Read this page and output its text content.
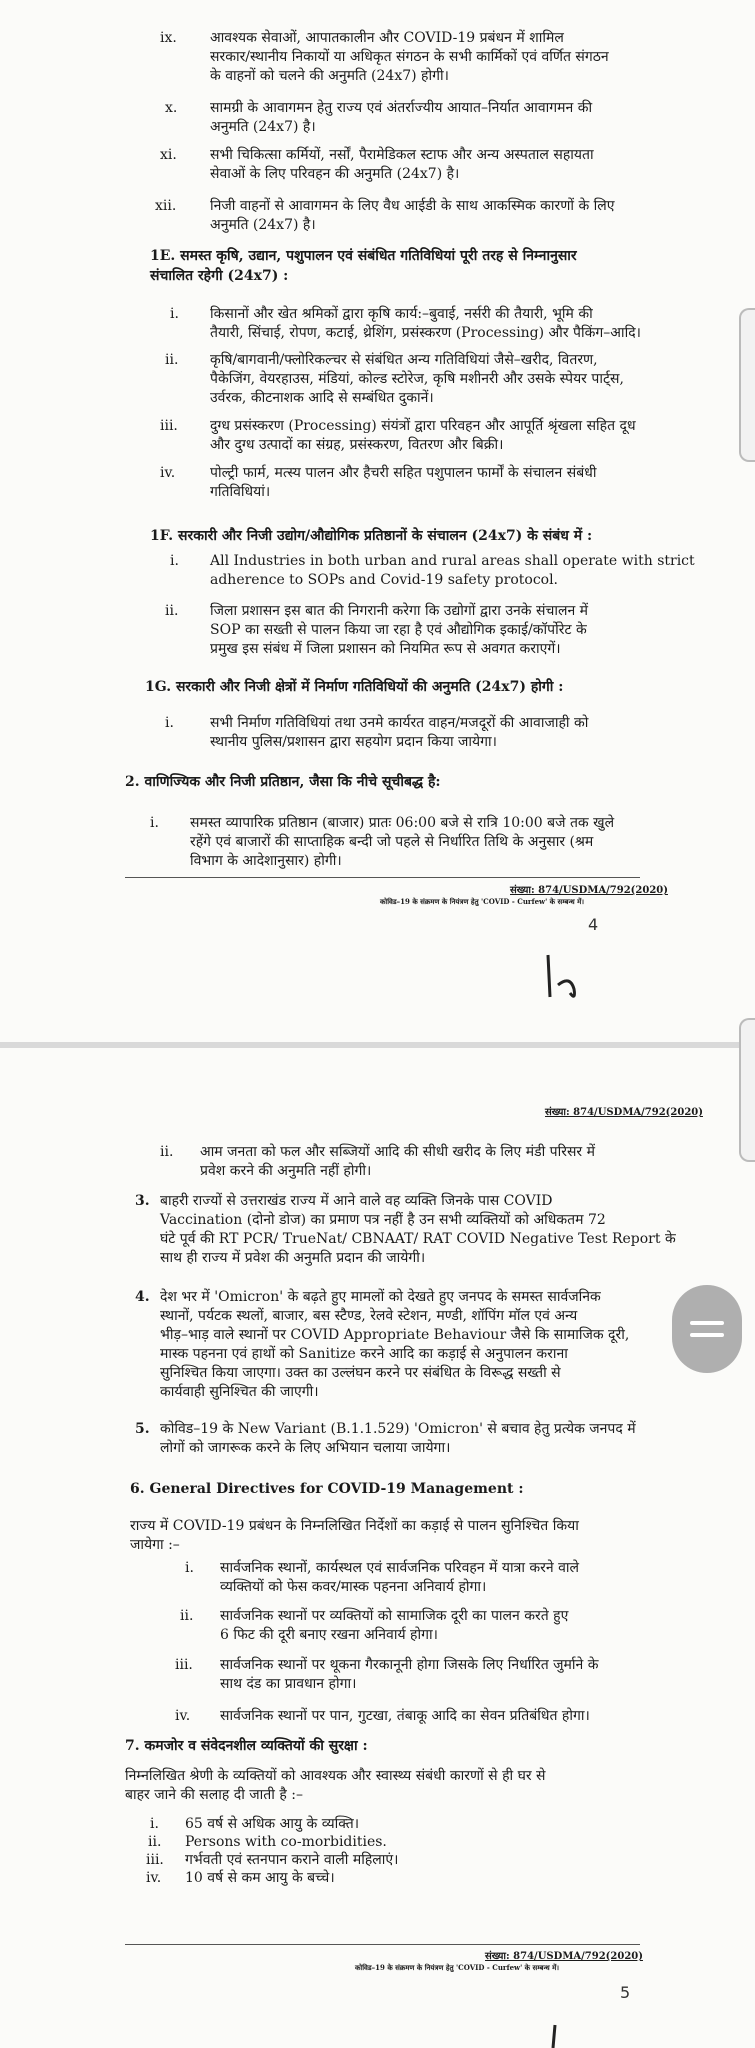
ix. आवश्यक सेवाओं, आपातकालीन और COVID-19 प्रबंधन में शामिल
सरकार/स्थानीय निकायों या अधिकृत संगठन के सभी कार्मिकों एवं वर्णित संगठन
के वाहनों को चलने की अनुमति (24x7) होगी।
x. सामग्री के आवागमन हेतु राज्य एवं अंतर्राज्यीय आयात–निर्यात आवागमन की
अनुमति (24x7) है।
xi. सभी चिकित्सा कर्मियों, नर्सों, पैरामेडिकल स्टाफ और अन्य अस्पताल सहायता
सेवाओं के लिए परिवहन की अनुमति (24x7) है।
xii. निजी वाहनों से आवागमन के लिए वैध आईडी के साथ आकस्मिक कारणों के लिए
अनुमति (24x7) है।
1E. समस्त कृषि, उद्यान, पशुपालन एवं संबंधित गतिविधियां पूरी तरह से निम्नानुसार
संचालित रहेगी (24x7) :
i. किसानों और खेत श्रमिकों द्वारा कृषि कार्य:–बुवाई, नर्सरी की तैयारी, भूमि की
तैयारी, सिंचाई, रोपण, कटाई, थ्रेशिंग, प्रसंस्करण (Processing) और पैकिंग–आदि।
ii. कृषि/बागवानी/फ्लोरिकल्चर से संबंधित अन्य गतिविधियां जैसे–खरीद, वितरण,
पैकेजिंग, वेयरहाउस, मंडियां, कोल्ड स्टोरेज, कृषि मशीनरी और उसके स्पेयर पार्ट्स,
उर्वरक, कीटनाशक आदि से सम्बंधित दुकानें।
iii. दुग्ध प्रसंस्करण (Processing) संयंत्रों द्वारा परिवहन और आपूर्ति श्रृंखला सहित दूध
और दुग्ध उत्पादों का संग्रह, प्रसंस्करण, वितरण और बिक्री।
iv. पोल्ट्री फार्म, मत्स्य पालन और हैचरी सहित पशुपालन फार्मों के संचालन संबंधी
गतिविधियां।
1F. सरकारी और निजी उद्योग/औद्योगिक प्रतिष्ठानों के संचालन (24x7) के संबंध में :
i. All Industries in both urban and rural areas shall operate with strict
adherence to SOPs and Covid-19 safety protocol.
ii. जिला प्रशासन इस बात की निगरानी करेगा कि उद्योगों द्वारा उनके संचालन में
SOP का सख्ती से पालन किया जा रहा है एवं औद्योगिक इकाई/कॉर्पोरेट के
प्रमुख इस संबंध में जिला प्रशासन को नियमित रूप से अवगत कराएगें।
1G. सरकारी और निजी क्षेत्रों में निर्माण गतिविधियों की अनुमति (24x7) होगी :
i.	सभी निर्माण गतिविधियां तथा उनमे कार्यरत वाहन/मजदूरों की आवाजाही को
स्थानीय पुलिस/प्रशासन द्वारा सहयोग प्रदान किया जायेगा।
2. वाणिज्यिक और निजी प्रतिष्ठान, जैसा कि नीचे सूचीबद्ध है:
i. समस्त व्यापारिक प्रतिष्ठान (बाजार) प्रातः 06:00 बजे से रात्रि 10:00 बजे तक खुले
रहेंगे एवं बाजारों की साप्ताहिक बन्दी जो पहले से निर्धारित तिथि के अनुसार (श्रम
विभाग के आदेशानुसार) होगी।
संख्या: 874/USDMA/792(2020)
कोविड–19 के संक्रमण के नियंत्रण हेतु 'COVID - Curfew' के सम्बन्ध में।
4
संख्या: 874/USDMA/792(2020)
ii. आम जनता को फल और सब्जियों आदि की सीधी खरीद के लिए मंडी परिसर में
प्रवेश करने की अनुमति नहीं होगी।
3. बाहरी राज्यों से उत्तराखंड राज्य में आने वाले वह व्यक्ति जिनके पास COVID
Vaccination (दोनो डोज) का प्रमाण पत्र नहीं है उन सभी व्यक्तियों को अधिकतम 72
घंटे पूर्व की RT PCR/ TrueNat/ CBNAAT/ RAT COVID Negative Test Report के
साथ ही राज्य में प्रवेश की अनुमति प्रदान की जायेगी।
4. देश भर में 'Omicron' के बढ़ते हुए मामलों को देखते हुए जनपद के समस्त सार्वजनिक
स्थानों, पर्यटक स्थलों, बाजार, बस स्टैण्ड, रेलवे स्टेशन, मण्डी, शॉपिंग मॉल एवं अन्य
भीड़–भाड़ वाले स्थानों पर COVID Appropriate Behaviour जैसे कि सामाजिक दूरी,
मास्क पहनना एवं हाथों को Sanitize करने आदि का कड़ाई से अनुपालन कराना
सुनिश्चित किया जाएगा। उक्त का उल्लंघन करने पर संबंधित के विरूद्ध सख्ती से
कार्यवाही सुनिश्चित की जाएगी।
5. कोविड–19 के New Variant (B.1.1.529) 'Omicron' से बचाव हेतु प्रत्येक जनपद में
लोगों को जागरूक करने के लिए अभियान चलाया जायेगा।
6. General Directives for COVID-19 Management :
राज्य में COVID-19 प्रबंधन के निम्नलिखित निर्देशों का कड़ाई से पालन सुनिश्चित किया
जायेगा :–
i. सार्वजनिक स्थानों, कार्यस्थल एवं सार्वजनिक परिवहन में यात्रा करने वाले
व्यक्तियों को फेस कवर/मास्क पहनना अनिवार्य होगा।
ii. सार्वजनिक स्थानों पर व्यक्तियों को सामाजिक दूरी का पालन करते हुए
6 फिट की दूरी बनाए रखना अनिवार्य होगा।
iii. सार्वजनिक स्थानों पर थूकना गैरकानूनी होगा जिसके लिए निर्धारित जुर्माने के
साथ दंड का प्रावधान होगा।
iv. सार्वजनिक स्थानों पर पान, गुटखा, तंबाकू आदि का सेवन प्रतिबंधित होगा।
7. कमजोर व संवेदनशील व्यक्तियों की सुरक्षा :
निम्नलिखित श्रेणी के व्यक्तियों को आवश्यक और स्वास्थ्य संबंधी कारणों से ही घर से
बाहर जाने की सलाह दी जाती है :–
i. 65 वर्ष से अधिक आयु के व्यक्ति।
ii. Persons with co-morbidities.
iii. गर्भवती एवं स्तनपान कराने वाली महिलाएं।
iv. 10 वर्ष से कम आयु के बच्चे।
संख्या: 874/USDMA/792(2020)
कोविड–19 के संक्रमण के नियंत्रण हेतु 'COVID - Curfew' के सम्बन्ध में।
5
